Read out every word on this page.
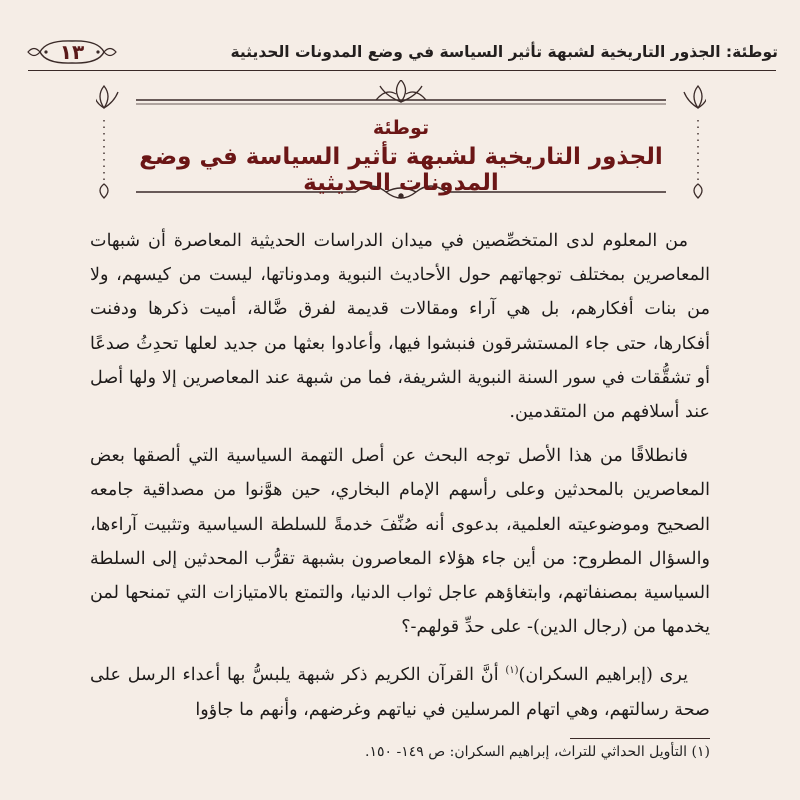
توطئة: الجذور التاريخية لشبهة تأثير السياسة في وضع المدونات الحديثية
١٣
توطئة
الجذور التاريخية لشبهة تأثير السياسة في وضع المدونات الحديثية

من المعلوم لدى المتخصِّصين في ميدان الدراسات الحديثية المعاصرة أن شبهات المعاصرين بمختلف توجهاتهم حول الأحاديث النبوية ومدوناتها، ليست من كيسهم، ولا من بنات أفكارهم، بل هي آراء ومقالات قديمة لفرق ضَّالة، أميت ذكرها ودفنت أفكارها، حتى جاء المستشرقون فنبشوا فيها، وأعادوا بعثها من جديد لعلها تحدِثُ صدعًا أو تشقُّقات في سور السنة النبوية الشريفة، فما من شبهة عند المعاصرين إلا ولها أصل عند أسلافهم من المتقدمين.

فانطلاقًا من هذا الأصل توجه البحث عن أصل التهمة السياسية التي ألصقها بعض المعاصرين بالمحدثين وعلى رأسهم الإمام البخاري، حين هوَّنوا من مصداقية جامعه الصحيح وموضوعيته العلمية، بدعوى أنه صُنِّفَ خدمةً للسلطة السياسية وتثبيت آراءها، والسؤال المطروح: من أين جاء هؤلاء المعاصرون بشبهة تقرُّب المحدثين إلى السلطة السياسية بمصنفاتهم، وابتغاؤهم عاجل ثواب الدنيا، والتمتع بالامتيازات التي تمنحها لمن يخدمها من (رجال الدين)- على حدِّ قولهم-؟

يرى (إبراهيم السكران)$^{(١)}$ أنَّ القرآن الكريم ذكر شبهة يلبسُّ بها أعداء الرسل على صحة رسالتهم، وهي اتهام المرسلين في نياتهم وغرضهم، وأنهم ما جاؤوا

(١) التأويل الحداثي للتراث، إبراهيم السكران: ص ١٤٩- ١٥٠.
